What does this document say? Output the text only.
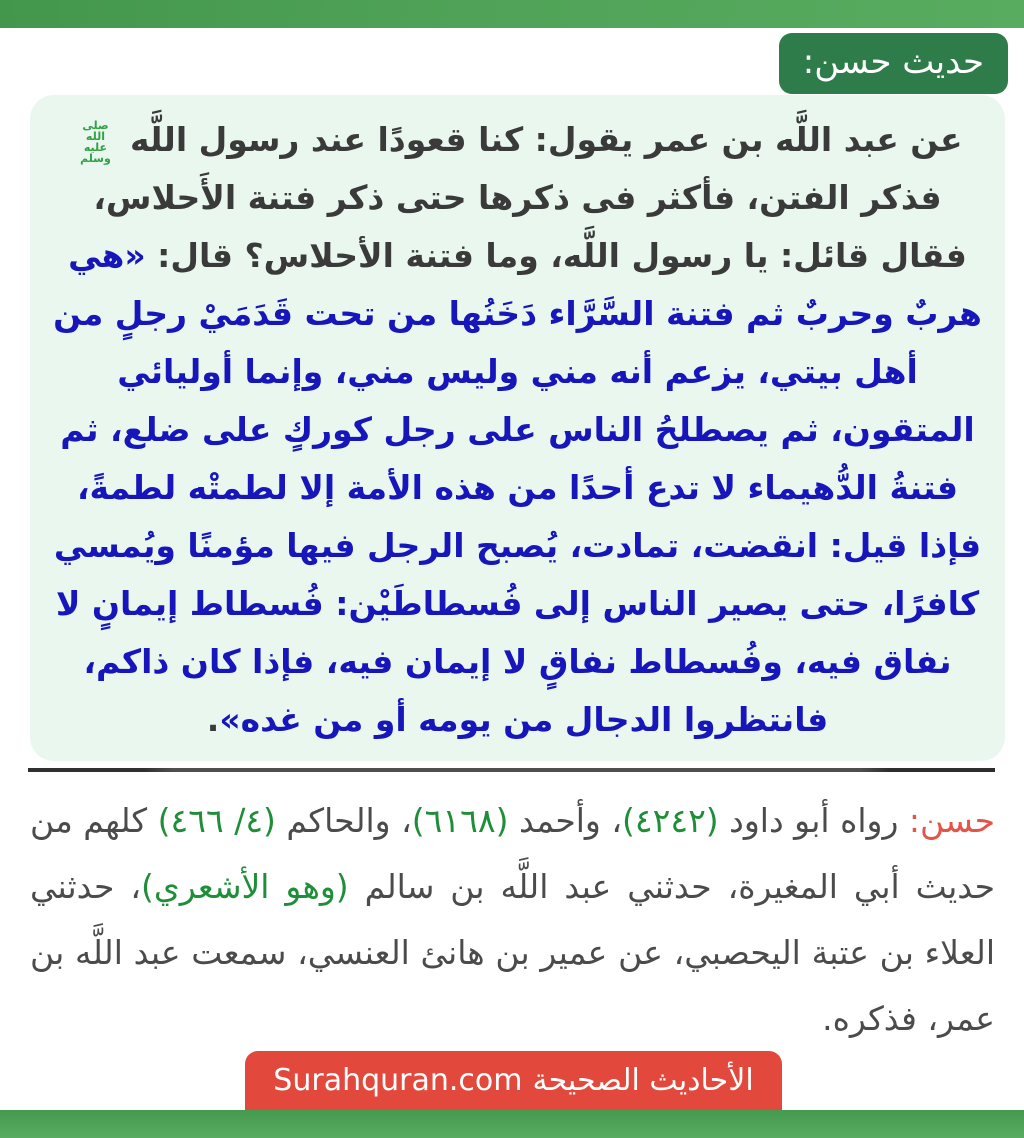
حديث حسن:
عن عبد اللَّه بن عمر يقول: كنا قعودًا عند رسول اللَّه صلى الله عليه وسلم فذكر الفتن، فأكثر فى ذكرها حتى ذكر فتنة الأَحلاس، فقال قائل: يا رسول اللَّه، وما فتنة الأحلاس؟ قال: «هي هربٌ وحربٌ ثم فتنة السَّرَّاء دَخَنُها من تحت قَدَمَيْ رجلٍ من أهل بيتي، يزعم أنه مني وليس مني، وإنما أوليائي المتقون، ثم يصطلحُ الناس على رجل كوركٍ على ضلع، ثم فتنةُ الدُّهيماء لا تدع أحدًا من هذه الأمة إلا لطمتْه لطمةً، فإذا قيل: انقضت، تمادت، يُصبح الرجل فيها مؤمنًا ويُمسي كافرًا، حتى يصير الناس إلى فُسطاطَيْن: فُسطاط إيمانٍ لا نفاق فيه، وفُسطاط نفاقٍ لا إيمان فيه، فإذا كان ذاكم، فانتظروا الدجال من يومه أو من غده».
حسن: رواه أبو داود (٤٢٤٢)، وأحمد (٦١٦٨)، والحاكم (٤/ ٤٦٦) كلهم من حديث أبي المغيرة، حدثني عبد اللَّه بن سالم (وهو الأشعري)، حدثني العلاء بن عتبة اليحصبي، عن عمير بن هانئ العنسي، سمعت عبد اللَّه بن عمر، فذكره.
الأحاديث الصحيحةSurahquran.com
